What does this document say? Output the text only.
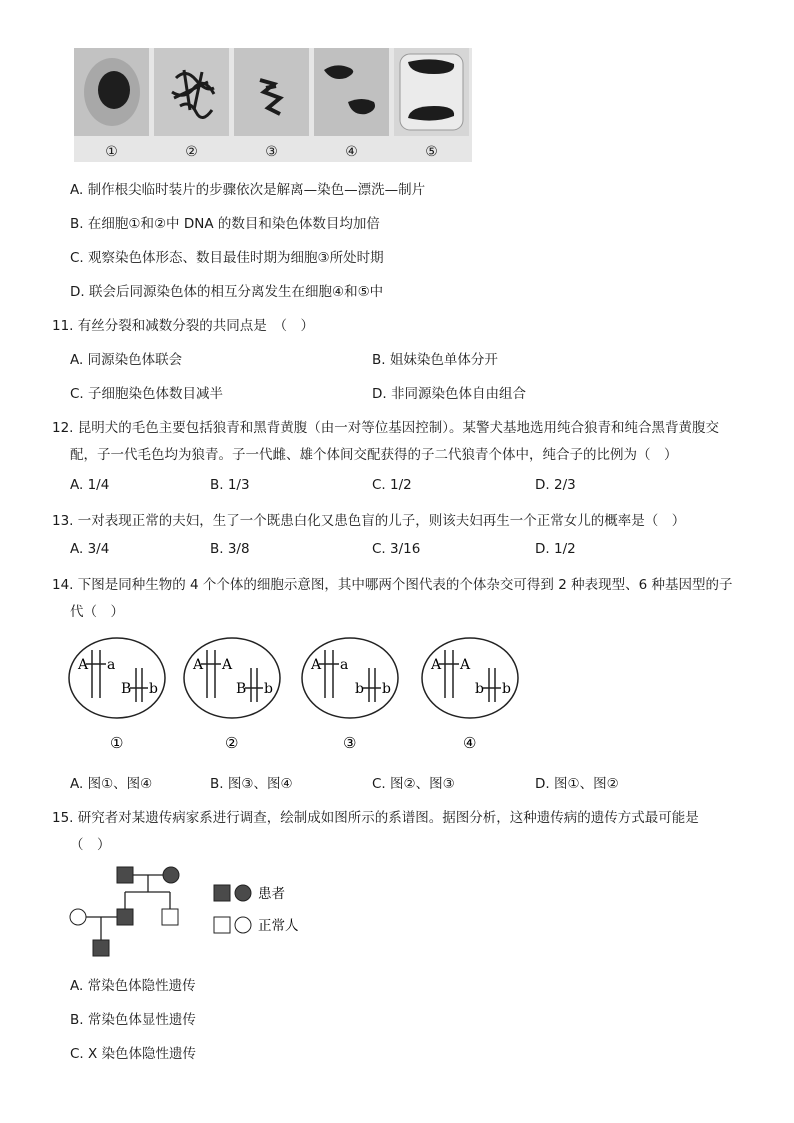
①	②	③	④	⑤
A. 制作根尖临时装片的步骤依次是解离—染色—漂洗—制片
B. 在细胞①和②中 DNA 的数目和染色体数目均加倍
C. 观察染色体形态、数目最佳时期为细胞③所处时期
D. 联会后同源染色体的相互分离发生在细胞④和⑤中
11. 有丝分裂和减数分裂的共同点是　（　）
A. 同源染色体联会	B. 姐妹染色单体分开
C. 子细胞染色体数目减半	D. 非同源染色体自由组合
12. 昆明犬的毛色主要包括狼青和黑背黄腹（由一对等位基因控制）。某警犬基地选用纯合狼青和纯合黑背黄腹交
配，子一代毛色均为狼青。子一代雌、雄个体间交配获得的子二代狼青个体中，纯合子的比例为（　）
A. 1/4	B. 1/3	C. 1/2	D. 2/3
13. 一对表现正常的夫妇，生了一个既患白化又患色盲的儿子，则该夫妇再生一个正常女儿的概率是（　）
A. 3/4	B. 3/8	C. 3/16	D. 1/2
14. 下图是同种生物的 4 个个体的细胞示意图，其中哪两个图代表的个体杂交可得到 2 种表现型、6 种基因型的子
代（　）
A a
B b
①
A A
B b
②
A a
b b
③
A A
b b
④
A. 图①、图④	B. 图③、图④	C. 图②、图③	D. 图①、图②
15. 研究者对某遗传病家系进行调查，绘制成如图所示的系谱图。据图分析，这种遗传病的遗传方式最可能是
（　）
患者
正常人
A. 常染色体隐性遗传
B. 常染色体显性遗传
C. X 染色体隐性遗传
